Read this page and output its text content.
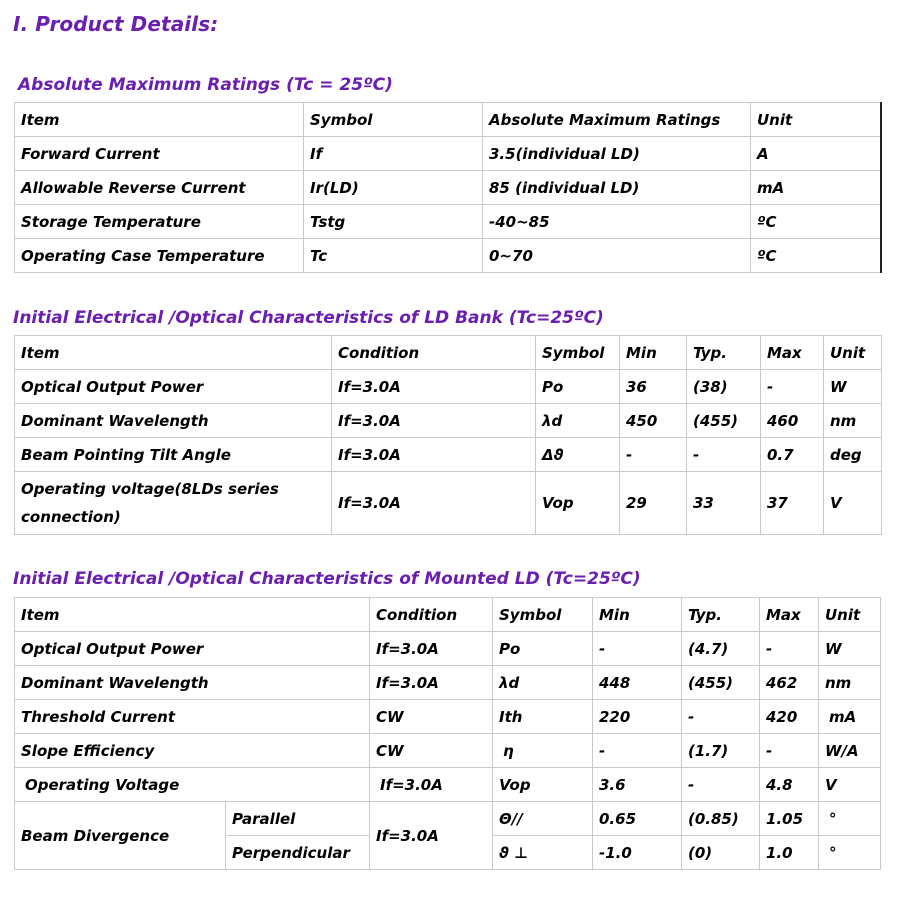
I. Product Details:
Absolute Maximum Ratings (Tc = 25ºC)
Item	Symbol	Absolute Maximum Ratings	Unit
Forward Current	If	3.5(individual LD)	A
Allowable Reverse Current	Ir(LD)	85 (individual LD)	mA
Storage Temperature	Tstg	-40~85	ºC
Operating Case Temperature	Tc	0~70	ºC
Initial Electrical /Optical Characteristics of LD Bank (Tc=25ºC)
Item	Condition	Symbol	Min	Typ.	Max	Unit
Optical Output Power	If=3.0A	Po	36	(38)	-	W
Dominant Wavelength	If=3.0A	λd	450	(455)	460	nm
Beam Pointing Tilt Angle	If=3.0A	Δϑ	-	-	0.7	deg
Operating voltage(8LDs series connection)	If=3.0A	Vop	29	33	37	V
Initial Electrical /Optical Characteristics of Mounted LD (Tc=25ºC)
Item		Condition	Symbol	Min	Typ.	Max	Unit
Optical Output Power		If=3.0A	Po	-	(4.7)	-	W
Dominant Wavelength		If=3.0A	λd	448	(455)	462	nm
Threshold Current		CW	Ith	220	-	420	mA
Slope Efficiency		CW	η	-	(1.7)	-	W/A
Operating Voltage		If=3.0A	Vop	3.6	-	4.8	V
Beam Divergence	Parallel	If=3.0A	Θ//	0.65	(0.85)	1.05	°
	Perpendicular		ϑ ⊥	-1.0	(0)	1.0	°
